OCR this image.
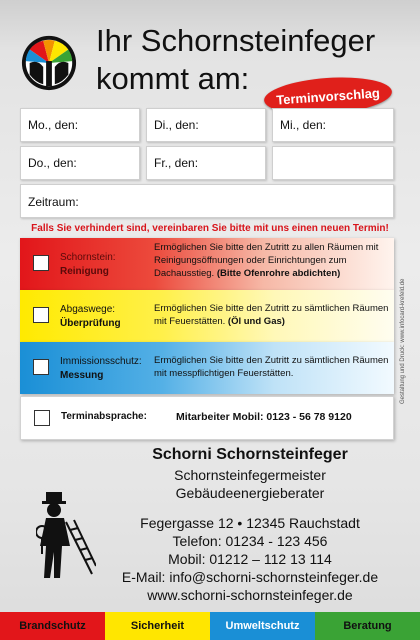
Ihr Schornsteinfeger
kommt am:
Terminvorschlag
Mo., den:	Di., den:	Mi., den:
Do., den:	Fr., den:
Zeitraum:
Falls Sie verhindert sind, vereinbaren Sie bitte mit uns einen neuen Termin!
Schornstein:
Reinigung
Ermöglichen Sie bitte den Zutritt zu allen Räumen mit Reinigungsöffnungen oder Einrichtungen zum Dachausstieg. (Bitte Ofenrohre abdichten)
Abgaswege:
Überprüfung
Ermöglichen Sie bitte den Zutritt zu sämtlichen Räumen mit Feuerstätten. (Öl und Gas)
Immissionsschutz:
Messung
Ermöglichen Sie bitte den Zutritt zu sämtlichen Räumen mit messpflichtigen Feuerstätten.
Terminabsprache:	Mitarbeiter Mobil: 0123 - 56 78 9120
Gestaltung und Druck: www.infocard-krefeld.de
Schorni Schornsteinfeger
Schornsteinfegermeister
Gebäudeenergieberater
Fegergasse 12 • 12345 Rauchstadt
Telefon: 01234 - 123 456
Mobil: 01212 – 112 13 114
E-Mail: info@schorni-schornsteinfeger.de
www.schorni-schornsteinfeger.de
Brandschutz	Sicherheit	Umweltschutz	Beratung
